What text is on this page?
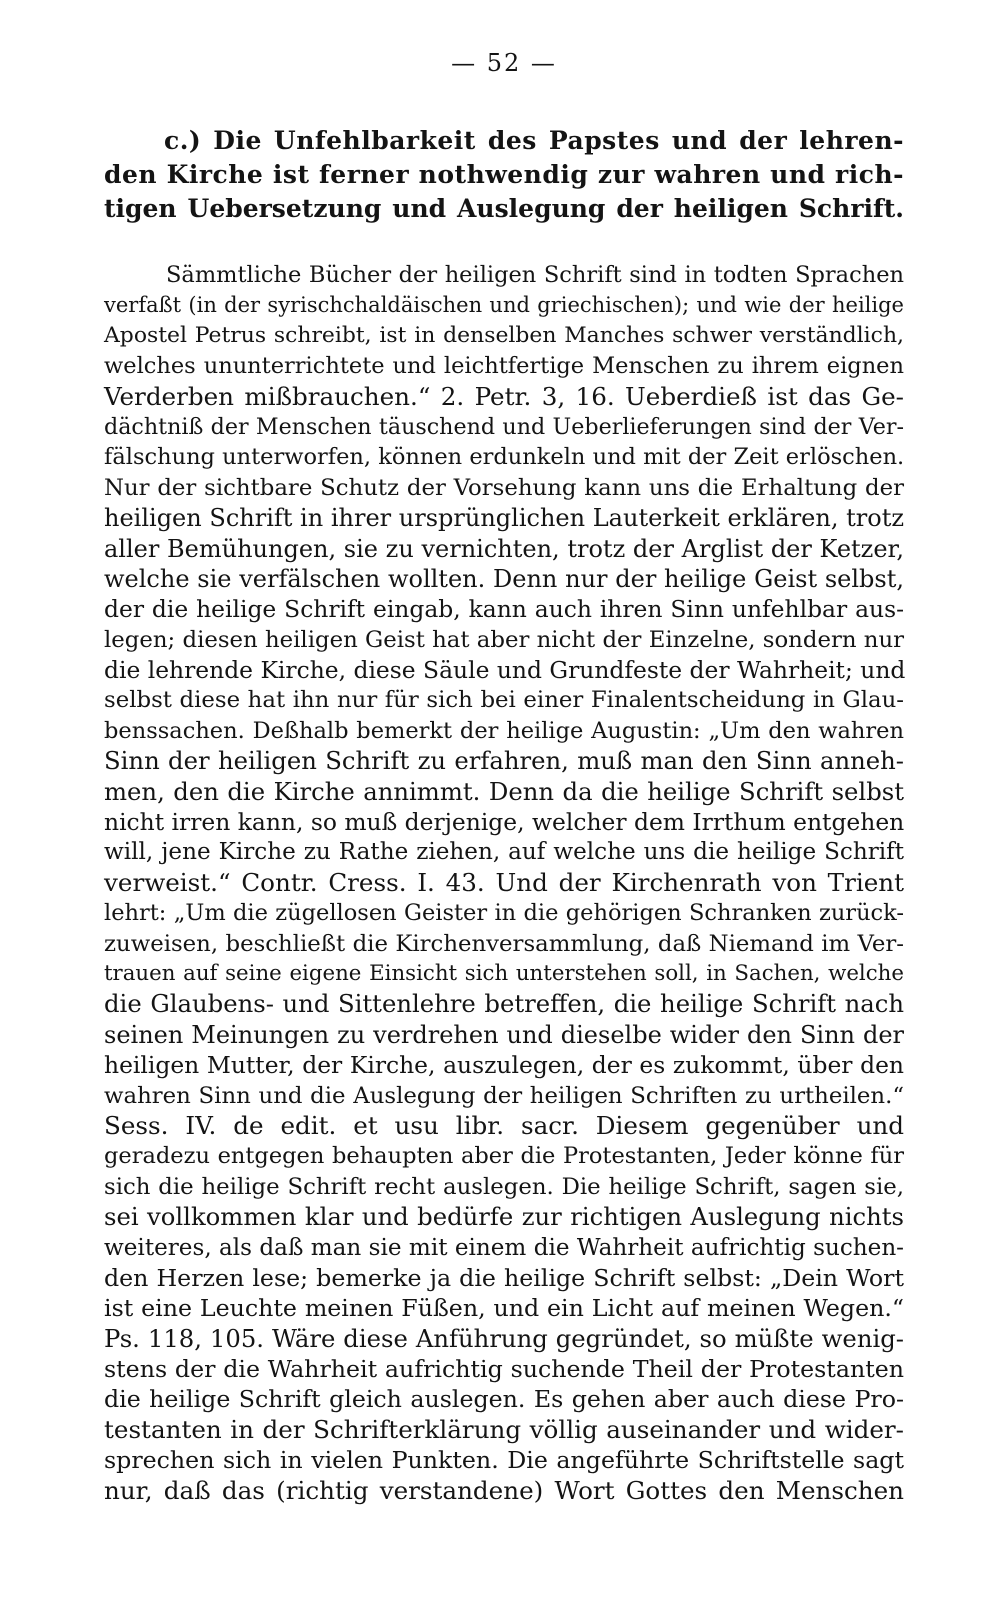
— 52 —
c.) Die Unfehlbarkeit des Papstes und der lehren-
den Kirche ist ferner nothwendig zur wahren und rich-
tigen Uebersetzung und Auslegung der heiligen Schrift.
Sämmtliche Bücher der heiligen Schrift sind in todten Sprachen
verfaßt (in der syrischchaldäischen und griechischen); und wie der heilige
Apostel Petrus schreibt, ist in denselben Manches schwer verständlich,
welches ununterrichtete und leichtfertige Menschen zu ihrem eignen
Verderben mißbrauchen.“ 2. Petr. 3, 16. Ueberdieß ist das Ge-
dächtniß der Menschen täuschend und Ueberlieferungen sind der Ver-
fälschung unterworfen, können erdunkeln und mit der Zeit erlöschen.
Nur der sichtbare Schutz der Vorsehung kann uns die Erhaltung der
heiligen Schrift in ihrer ursprünglichen Lauterkeit erklären, trotz
aller Bemühungen, sie zu vernichten, trotz der Arglist der Ketzer,
welche sie verfälschen wollten. Denn nur der heilige Geist selbst,
der die heilige Schrift eingab, kann auch ihren Sinn unfehlbar aus-
legen; diesen heiligen Geist hat aber nicht der Einzelne, sondern nur
die lehrende Kirche, diese Säule und Grundfeste der Wahrheit; und
selbst diese hat ihn nur für sich bei einer Finalentscheidung in Glau-
benssachen. Deßhalb bemerkt der heilige Augustin: „Um den wahren
Sinn der heiligen Schrift zu erfahren, muß man den Sinn anneh-
men, den die Kirche annimmt. Denn da die heilige Schrift selbst
nicht irren kann, so muß derjenige, welcher dem Irrthum entgehen
will, jene Kirche zu Rathe ziehen, auf welche uns die heilige Schrift
verweist.“ Contr. Cress. I. 43. Und der Kirchenrath von Trient
lehrt: „Um die zügellosen Geister in die gehörigen Schranken zurück-
zuweisen, beschließt die Kirchenversammlung, daß Niemand im Ver-
trauen auf seine eigene Einsicht sich unterstehen soll, in Sachen, welche
die Glaubens- und Sittenlehre betreffen, die heilige Schrift nach
seinen Meinungen zu verdrehen und dieselbe wider den Sinn der
heiligen Mutter, der Kirche, auszulegen, der es zukommt, über den
wahren Sinn und die Auslegung der heiligen Schriften zu urtheilen.“
Sess. IV. de edit. et usu libr. sacr. Diesem gegenüber und
geradezu entgegen behaupten aber die Protestanten, Jeder könne für
sich die heilige Schrift recht auslegen. Die heilige Schrift, sagen sie,
sei vollkommen klar und bedürfe zur richtigen Auslegung nichts
weiteres, als daß man sie mit einem die Wahrheit aufrichtig suchen-
den Herzen lese; bemerke ja die heilige Schrift selbst: „Dein Wort
ist eine Leuchte meinen Füßen, und ein Licht auf meinen Wegen.“
Ps. 118, 105. Wäre diese Anführung gegründet, so müßte wenig-
stens der die Wahrheit aufrichtig suchende Theil der Protestanten
die heilige Schrift gleich auslegen. Es gehen aber auch diese Pro-
testanten in der Schrifterklärung völlig auseinander und wider-
sprechen sich in vielen Punkten. Die angeführte Schriftstelle sagt
nur, daß das (richtig verstandene) Wort Gottes den Menschen
